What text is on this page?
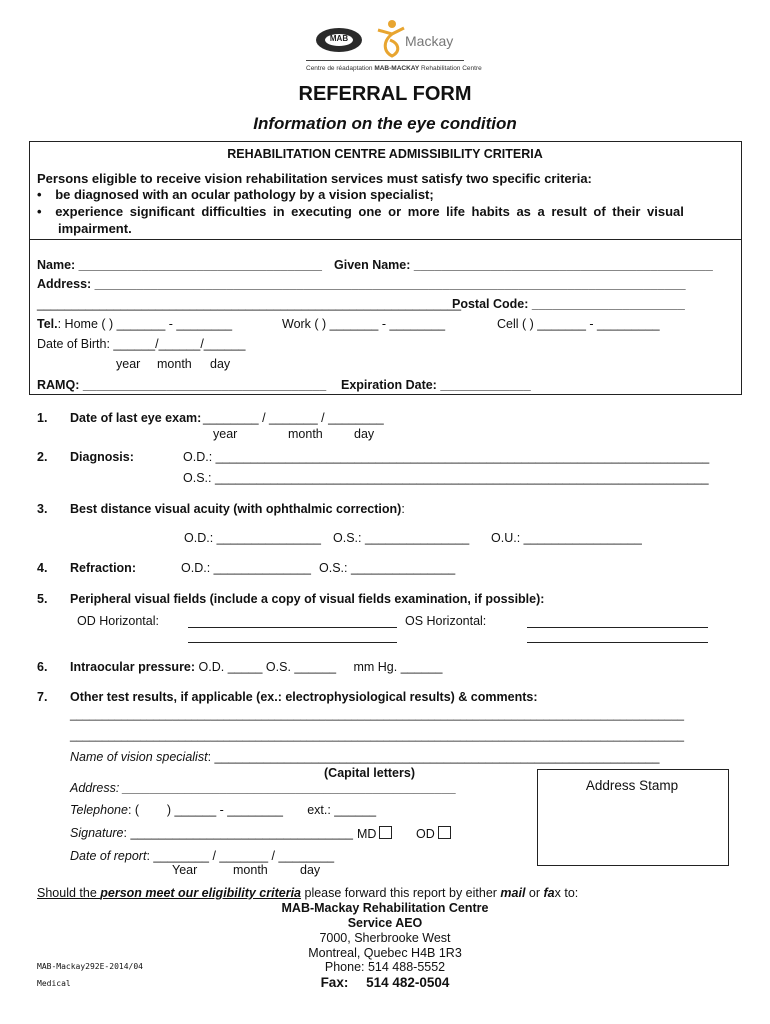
MAB	Mackay
Centre de réadaptation MAB-MACKAY Rehabilitation Centre
REFERRAL FORM
Information on the eye condition
REHABILITATION CENTRE ADMISSIBILITY CRITERIA
Persons eligible to receive vision rehabilitation services must satisfy two specific criteria:
• be diagnosed with an ocular pathology by a vision specialist;
• experience significant difficulties in executing one or more life habits as a result of their visual
impairment.
Name: ___________________________________ Given Name: ___________________________________________
Address: _____________________________________________________________________________________
_____________________________________________________________
Postal Code: ______________________
Tel.: Home ( ) _______ - ________	Work ( ) _______ - ________	Cell ( ) _______ - _________
Date of Birth: ______/______/______
year month day
RAMQ: ___________________________________ Expiration Date: _____________
1. Date of last eye exam: ________ / _______ / ________
year	month	day
2. Diagnosis:	O.D.: _______________________________________________________________________
O.S.: _______________________________________________________________________
3. Best distance visual acuity (with ophthalmic correction):
O.D.: _______________ O.S.: _______________ O.U.: _________________
4. Refraction:	O.D.: ______________ O.S.: _______________
5. Peripheral visual fields (include a copy of visual fields examination, if possible):
OD Horizontal:	OS Horizontal:
6. Intraocular pressure: O.D. _____ O.S. ______     mm Hg. ______
7. Other test results, if applicable (ex.: electrophysiological results) & comments:
________________________________________________________________________________________________
________________________________________________________________________________________________
Name of vision specialist: ________________________________________________________________
(Capital letters)
Address: ________________________________________________
Telephone: (        ) ______ - ________       ext.: ______
Signature: ________________________________ MD	OD
Date of report: ________ / _______ / ________
Year	month	day
Address Stamp
Should the person meet our eligibility criteria please forward this report by either mail or fax to:
MAB-Mackay Rehabilitation Centre
Service AEO
7000, Sherbrooke West
Montreal, Quebec H4B 1R3
Phone: 514 488-5552
Fax: 514 482-0504
MAB-Mackay292E-2014/04
Medical
